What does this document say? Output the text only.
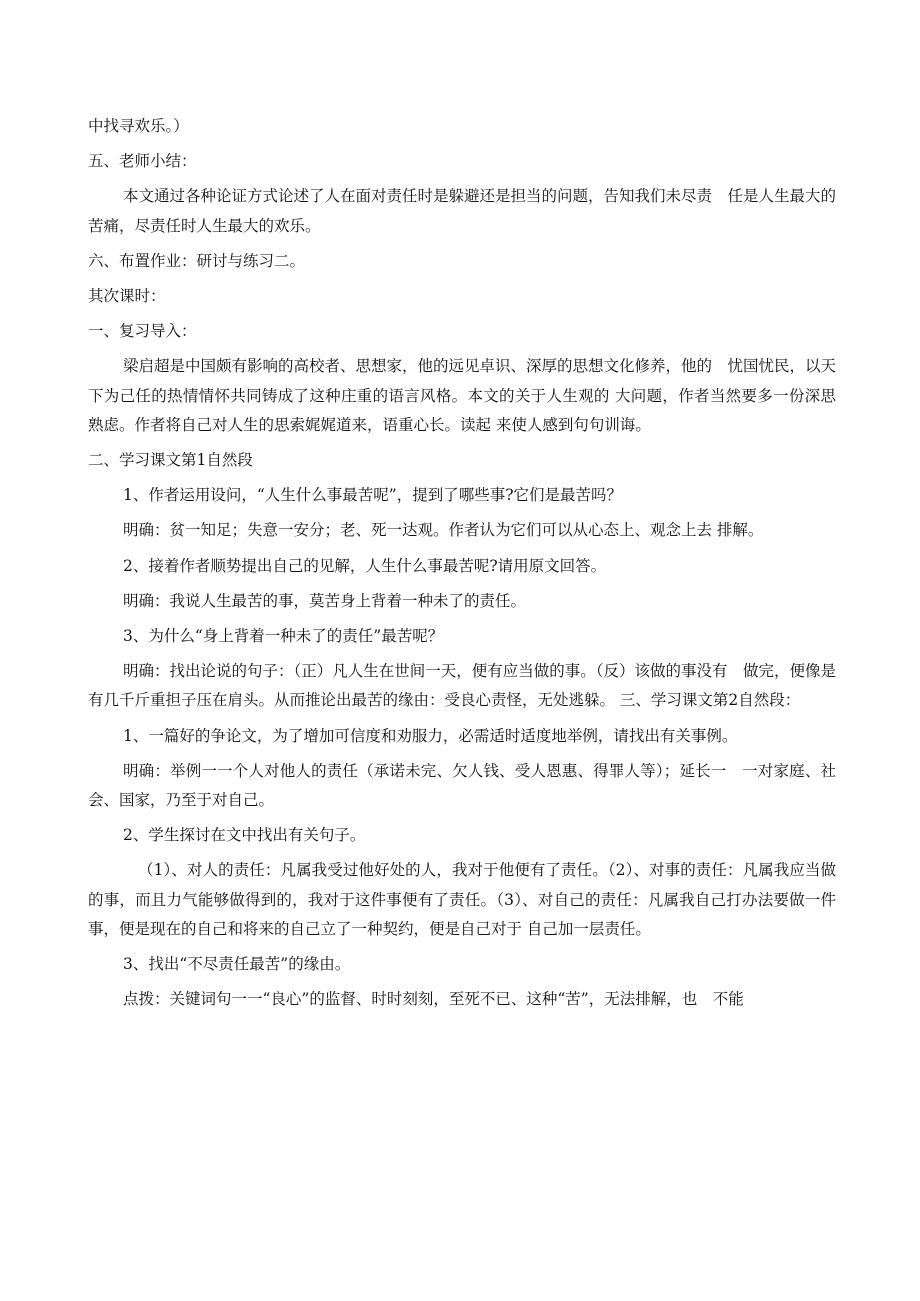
中找寻欢乐。）

五、老师小结：

本文通过各种论证方式论述了人在面对责任时是躲避还是担当的问题，告知我们未尽责　任是人生最大的苦痛，尽责任时人生最大的欢乐。

六、布置作业：研讨与练习二。

其次课时：

一、复习导入：

梁启超是中国颇有影响的高校者、思想家，他的远见卓识、深厚的思想文化修养，他的　忧国忧民，以天下为己任的热情情怀共同铸成了这种庄重的语言风格。本文的关于人生观的 大问题，作者当然要多一份深思熟虑。作者将自己对人生的思索娓娓道来，语重心长。读起 来使人感到句句训诲。

二、学习课文第1自然段

1、作者运用设问，“人生什么事最苦呢”，提到了哪些事?它们是最苦吗？

明确：贫一知足；失意一安分；老、死一达观。作者认为它们可以从心态上、观念上去 排解。

2、接着作者顺势提出自己的见解，人生什么事最苦呢?请用原文回答。

明确：我说人生最苦的事，莫苦身上背着一种未了的责任。

3、为什么“身上背着一种未了的责任”最苦呢？

明确：找出论说的句子：（正）凡人生在世间一天，便有应当做的事。（反）该做的事没有　做完，便像是有几千斤重担子压在肩头。从而推论出最苦的缘由：受良心责怪，无处逃躲。 三、学习课文第2自然段：

1、一篇好的争论文，为了增加可信度和劝服力，必需适时适度地举例，请找出有关事例。

明确：举例一一个人对他人的责任（承诺未完、欠人钱、受人恩惠、得罪人等）；延长一　一对家庭、社会、国家，乃至于对自己。

2、学生探讨在文中找出有关句子。

（1）、对人的责任：凡属我受过他好处的人，我对于他便有了责任。（2）、对事的责任：凡属我应当做的事，而且力气能够做得到的，我对于这件事便有了责任。（3）、对自己的责任：凡属我自己打办法要做一件事，便是现在的自己和将来的自己立了一种契约，便是自己对于 自己加一层责任。

3、找出“不尽责任最苦”的缘由。

点拨：关键词句一一“良心”的监督、时时刻刻，至死不已、这种“苦”，无法排解，也　不能
